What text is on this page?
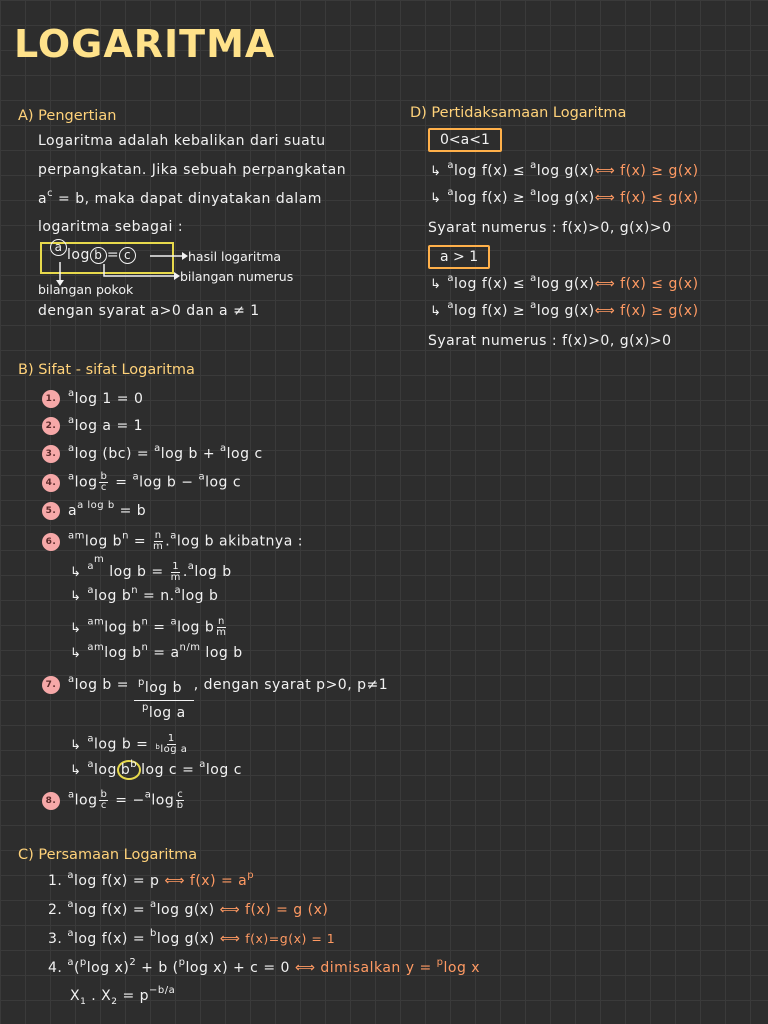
LOGARITMA
A) Pengertian
Logaritma adalah kebalikan dari suatu
perpangkatan. Jika sebuah perpangkatan
$a^c = b$, maka dapat dinyatakan dalam
logaritma sebagai :
a log b = c	hasil logaritma
bilangan numerus
bilangan pokok
dengan syarat a>0 dan a ≠ 1
B) Sifat - sifat Logaritma
1. $^a$log 1 = 0
2. $^a$log a = 1
3. $^a$log (bc) = $^a$log b + $^a$log c
4. $^a\log \frac{b}{c} = ^a\log$ b − $^a$log c
5. $a^{a log b} = b$
6. $^{am}$log $b^n = \frac{n}{m} .^a\log$ b akibatnya :
↳ $^{a^m}$ $\log b = \frac{1}{m} .^a\log$ b
↳ $^a$log $b^n = n.^a\log$ b
↳ $^{am}$log $b^n = ^a\log$ b $\frac{n}{m}$
↳ $^{am}$log $b^n = a^{n/m}$ log b
7. $^a$log $b = \frac{^p\log b}{^p\log a}$ , dengan syarat p>0, p≠1
↳ $^a$log $b = \frac{1}{^b\log a}$
↳ $^a$log $b^b$ log c = $^a$log c
8. $^a\log \frac{b}{c} = -^a\log \frac{c}{b}$
C) Persamaan Logaritma
1. $^a$log f(x) = p ⟺ $f(x) = a^p$
2. $^a$log f(x) = $^a$log g(x) ⟺ f(x) = g (x)
3. $^a$log f(x) = $^b$log g(x) ⟺ f(x)=g(x) = 1
4. $^a$($^p$log x)$^2$ + b ($^p$log x) + c = 0 ⟺ dimisalkan y = $^p$log x
$X_1$ . $X_2 = p^{-b/a}$
D) Pertidaksamaan Logaritma
0<a<1
↳ $^a$log f(x) ≤ $^a$log g(x)⟺ f(x) ≥ g(x)
↳ $^a$log f(x) ≥ $^a$log g(x)⟺ f(x) ≤ g(x)
Syarat numerus : f(x)>0, g(x)>0
a > 1
↳ $^a$log f(x) ≤ $^a$log g(x)⟺ f(x) ≤ g(x)
↳ $^a$log f(x) ≥ $^a$log g(x)⟺ f(x) ≥ g(x)
Syarat numerus : f(x)>0, g(x)>0
